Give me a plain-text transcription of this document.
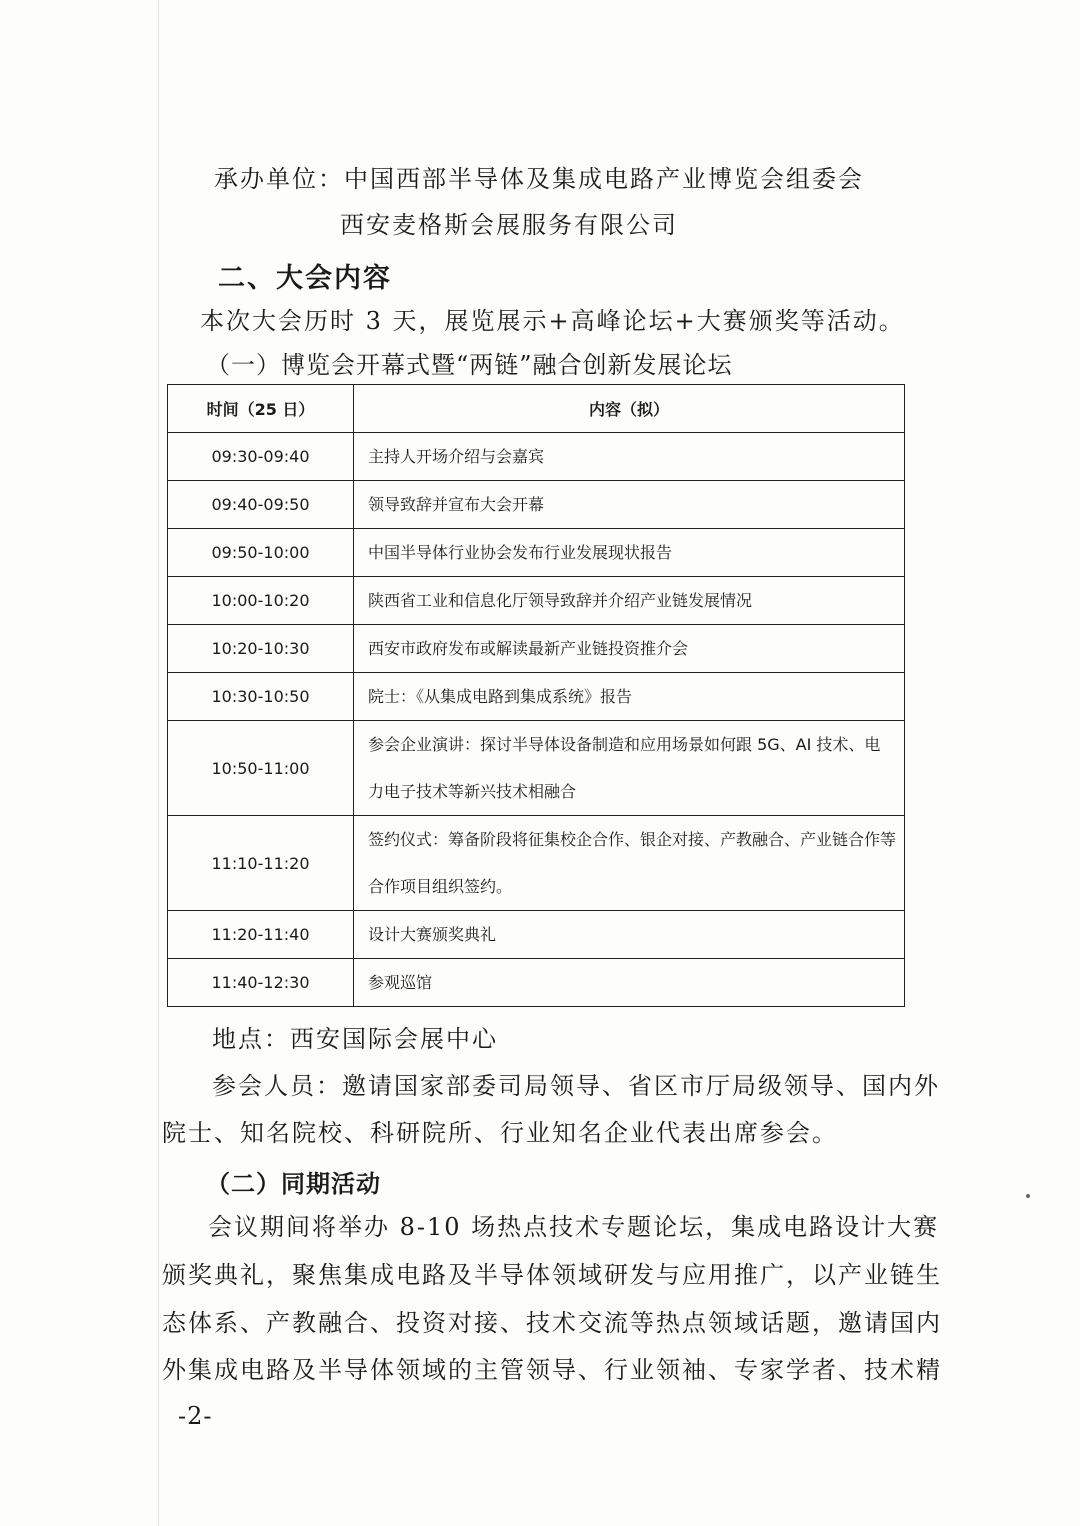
承办单位：中国西部半导体及集成电路产业博览会组委会
西安麦格斯会展服务有限公司
二、大会内容
本次大会历时 3 天，展览展示+高峰论坛+大赛颁奖等活动。
（一）博览会开幕式暨“两链”融合创新发展论坛
时间（25 日）	内容（拟）
09:30-09:40	主持人开场介绍与会嘉宾
09:40-09:50	领导致辞并宣布大会开幕
09:50-10:00	中国半导体行业协会发布行业发展现状报告
10:00-10:20	陕西省工业和信息化厅领导致辞并介绍产业链发展情况
10:20-10:30	西安市政府发布或解读最新产业链投资推介会
10:30-10:50	院士：《从集成电路到集成系统》报告
10:50-11:00	参会企业演讲：探讨半导体设备制造和应用场景如何跟 5G、AI 技术、电力电子技术等新兴技术相融合
11:10-11:20	签约仪式：筹备阶段将征集校企合作、银企对接、产教融合、产业链合作等合作项目组织签约。
11:20-11:40	设计大赛颁奖典礼
11:40-12:30	参观巡馆
地点：西安国际会展中心
参会人员：邀请国家部委司局领导、省区市厅局级领导、国内外
院士、知名院校、科研院所、行业知名企业代表出席参会。
（二）同期活动
会议期间将举办 8-10 场热点技术专题论坛，集成电路设计大赛
颁奖典礼，聚焦集成电路及半导体领域研发与应用推广，以产业链生
态体系、产教融合、投资对接、技术交流等热点领域话题，邀请国内
外集成电路及半导体领域的主管领导、行业领袖、专家学者、技术精
-2-
